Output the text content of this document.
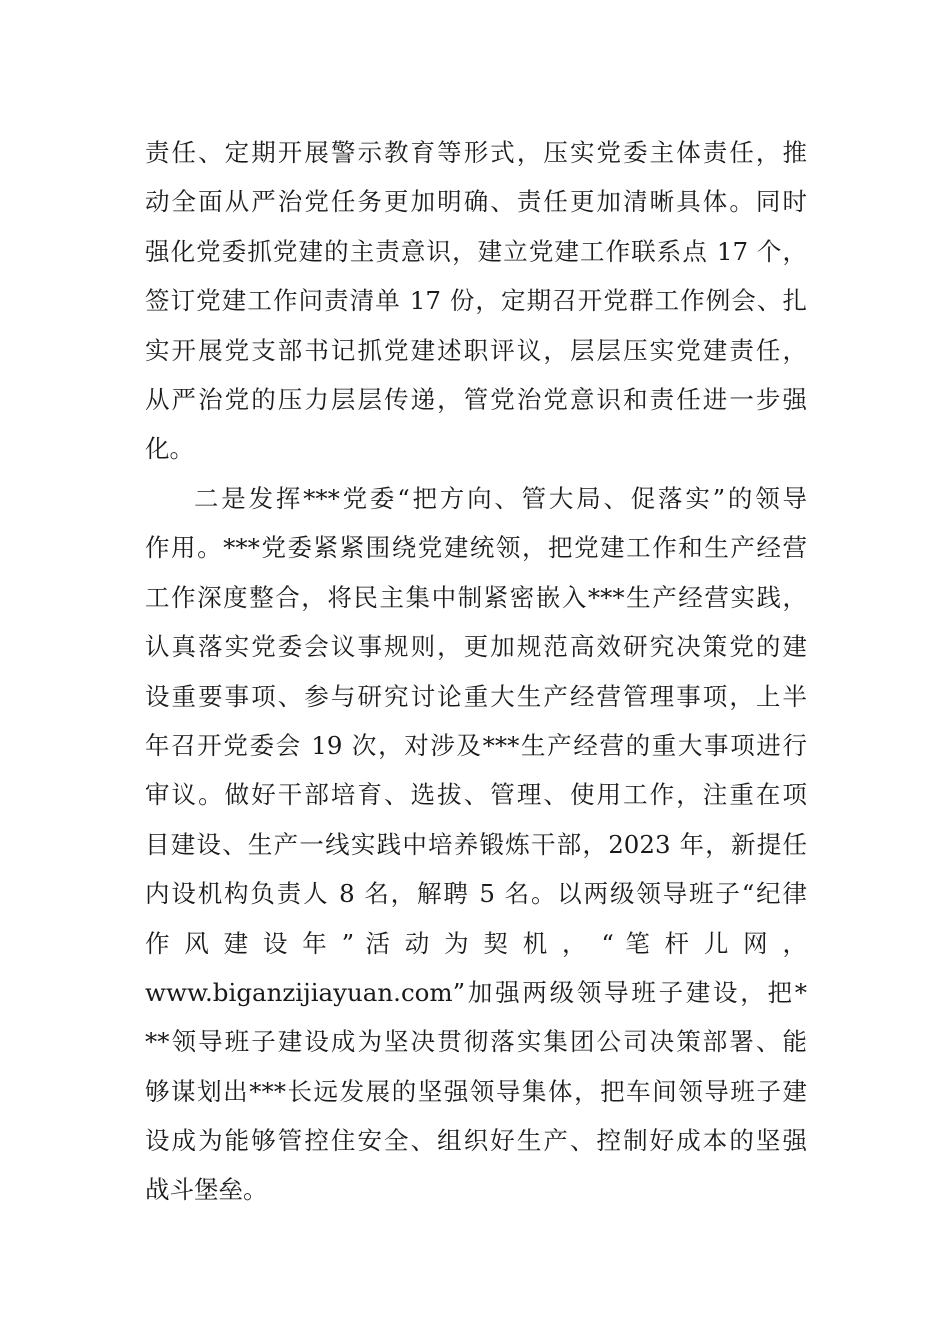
责任、定期开展警示教育等形式，压实党委主体责任，推
动全面从严治党任务更加明确、责任更加清晰具体。同时
强化党委抓党建的主责意识，建立党建工作联系点 17 个，
签订党建工作问责清单 17 份，定期召开党群工作例会、扎
实开展党支部书记抓党建述职评议，层层压实党建责任，
从严治党的压力层层传递，管党治党意识和责任进一步强
化。
二是发挥***党委“把方向、管大局、促落实”的领导
作用。***党委紧紧围绕党建统领，把党建工作和生产经营
工作深度整合，将民主集中制紧密嵌入***生产经营实践，
认真落实党委会议事规则，更加规范高效研究决策党的建
设重要事项、参与研究讨论重大生产经营管理事项，上半
年召开党委会 19 次，对涉及***生产经营的重大事项进行
审议。做好干部培育、选拔、管理、使用工作，注重在项
目建设、生产一线实践中培养锻炼干部，2023 年，新提任
内设机构负责人 8 名，解聘 5 名。以两级领导班子“纪律
作 风 建 设 年 ” 活 动 为 契 机 ， “ 笔 杆 儿 网 ，
www.biganzijiayuan.com”加强两级领导班子建设，把*
**领导班子建设成为坚决贯彻落实集团公司决策部署、能
够谋划出***长远发展的坚强领导集体，把车间领导班子建
设成为能够管控住安全、组织好生产、控制好成本的坚强
战斗堡垒。
